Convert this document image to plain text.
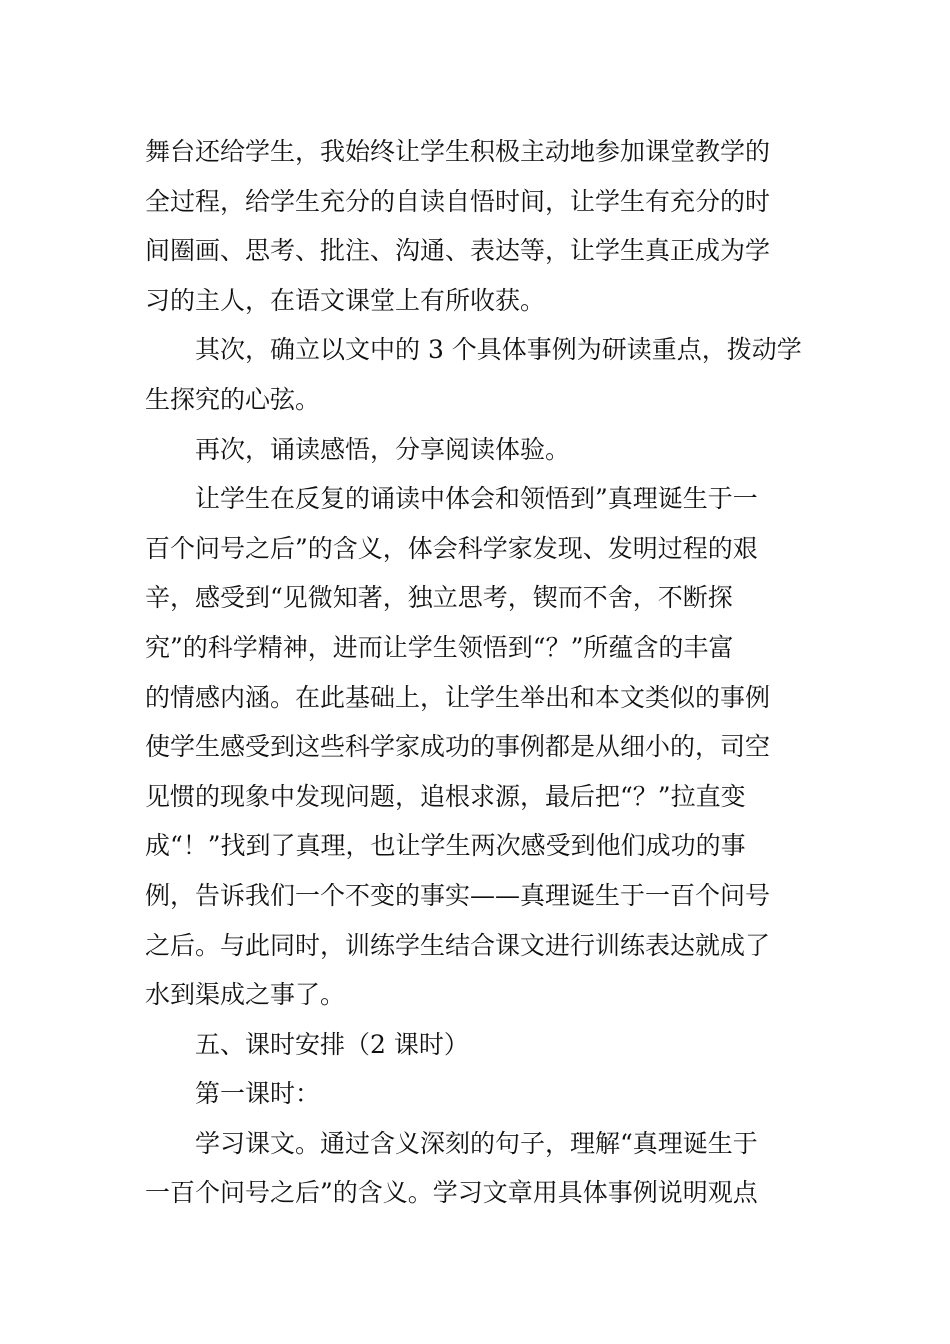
舞台还给学生，我始终让学生积极主动地参加课堂教学的
全过程，给学生充分的自读自悟时间，让学生有充分的时
间圈画、思考、批注、沟通、表达等，让学生真正成为学
习的主人，在语文课堂上有所收获。

其次，确立以文中的 3 个具体事例为研读重点，拨动学
生探究的心弦。

再次，诵读感悟，分享阅读体验。

让学生在反复的诵读中体会和领悟到”真理诞生于一
百个问号之后”的含义，体会科学家发现、发明过程的艰
辛，感受到“见微知著，独立思考，锲而不舍，不断探
究”的科学精神，进而让学生领悟到“？”所蕴含的丰富
的情感内涵。在此基础上，让学生举出和本文类似的事例
使学生感受到这些科学家成功的事例都是从细小的，司空
见惯的现象中发现问题，追根求源，最后把“？”拉直变
成“！”找到了真理，也让学生两次感受到他们成功的事
例，告诉我们一个不变的事实——真理诞生于一百个问号
之后。与此同时，训练学生结合课文进行训练表达就成了
水到渠成之事了。

五、课时安排（2 课时）

第一课时：

学习课文。通过含义深刻的句子，理解“真理诞生于
一百个问号之后”的含义。学习文章用具体事例说明观点
